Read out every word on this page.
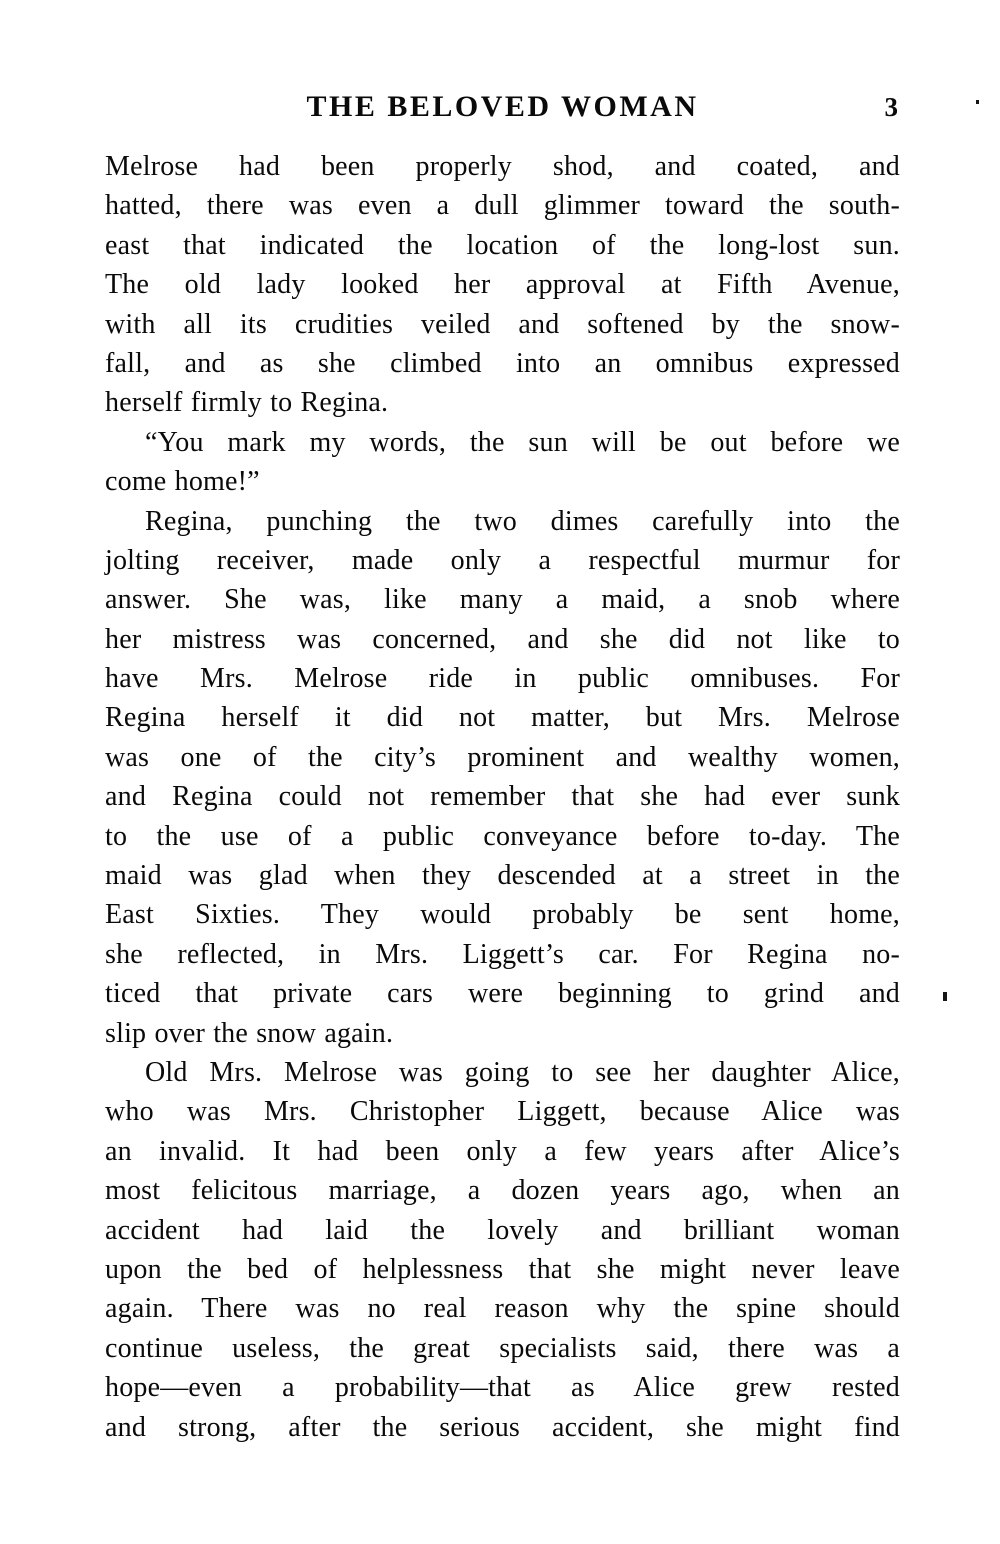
THE BELOVED WOMAN	3
Melrose had been properly shod, and coated, and
hatted, there was even a dull glimmer toward the south-
east that indicated the location of the long-lost sun.
The old lady looked her approval at Fifth Avenue,
with all its crudities veiled and softened by the snow-
fall, and as she climbed into an omnibus expressed
herself firmly to Regina.
“You mark my words, the sun will be out before we
come home!”
Regina, punching the two dimes carefully into the
jolting receiver, made only a respectful murmur for
answer. She was, like many a maid, a snob where
her mistress was concerned, and she did not like to
have Mrs. Melrose ride in public omnibuses. For
Regina herself it did not matter, but Mrs. Melrose
was one of the city’s prominent and wealthy women,
and Regina could not remember that she had ever sunk
to the use of a public conveyance before to-day. The
maid was glad when they descended at a street in the
East Sixties. They would probably be sent home,
she reflected, in Mrs. Liggett’s car. For Regina no-
ticed that private cars were beginning to grind and
slip over the snow again.
Old Mrs. Melrose was going to see her daughter Alice,
who was Mrs. Christopher Liggett, because Alice was
an invalid. It had been only a few years after Alice’s
most felicitous marriage, a dozen years ago, when an
accident had laid the lovely and brilliant woman
upon the bed of helplessness that she might never leave
again. There was no real reason why the spine should
continue useless, the great specialists said, there was a
hope—even a probability—that as Alice grew rested
and strong, after the serious accident, she might find
